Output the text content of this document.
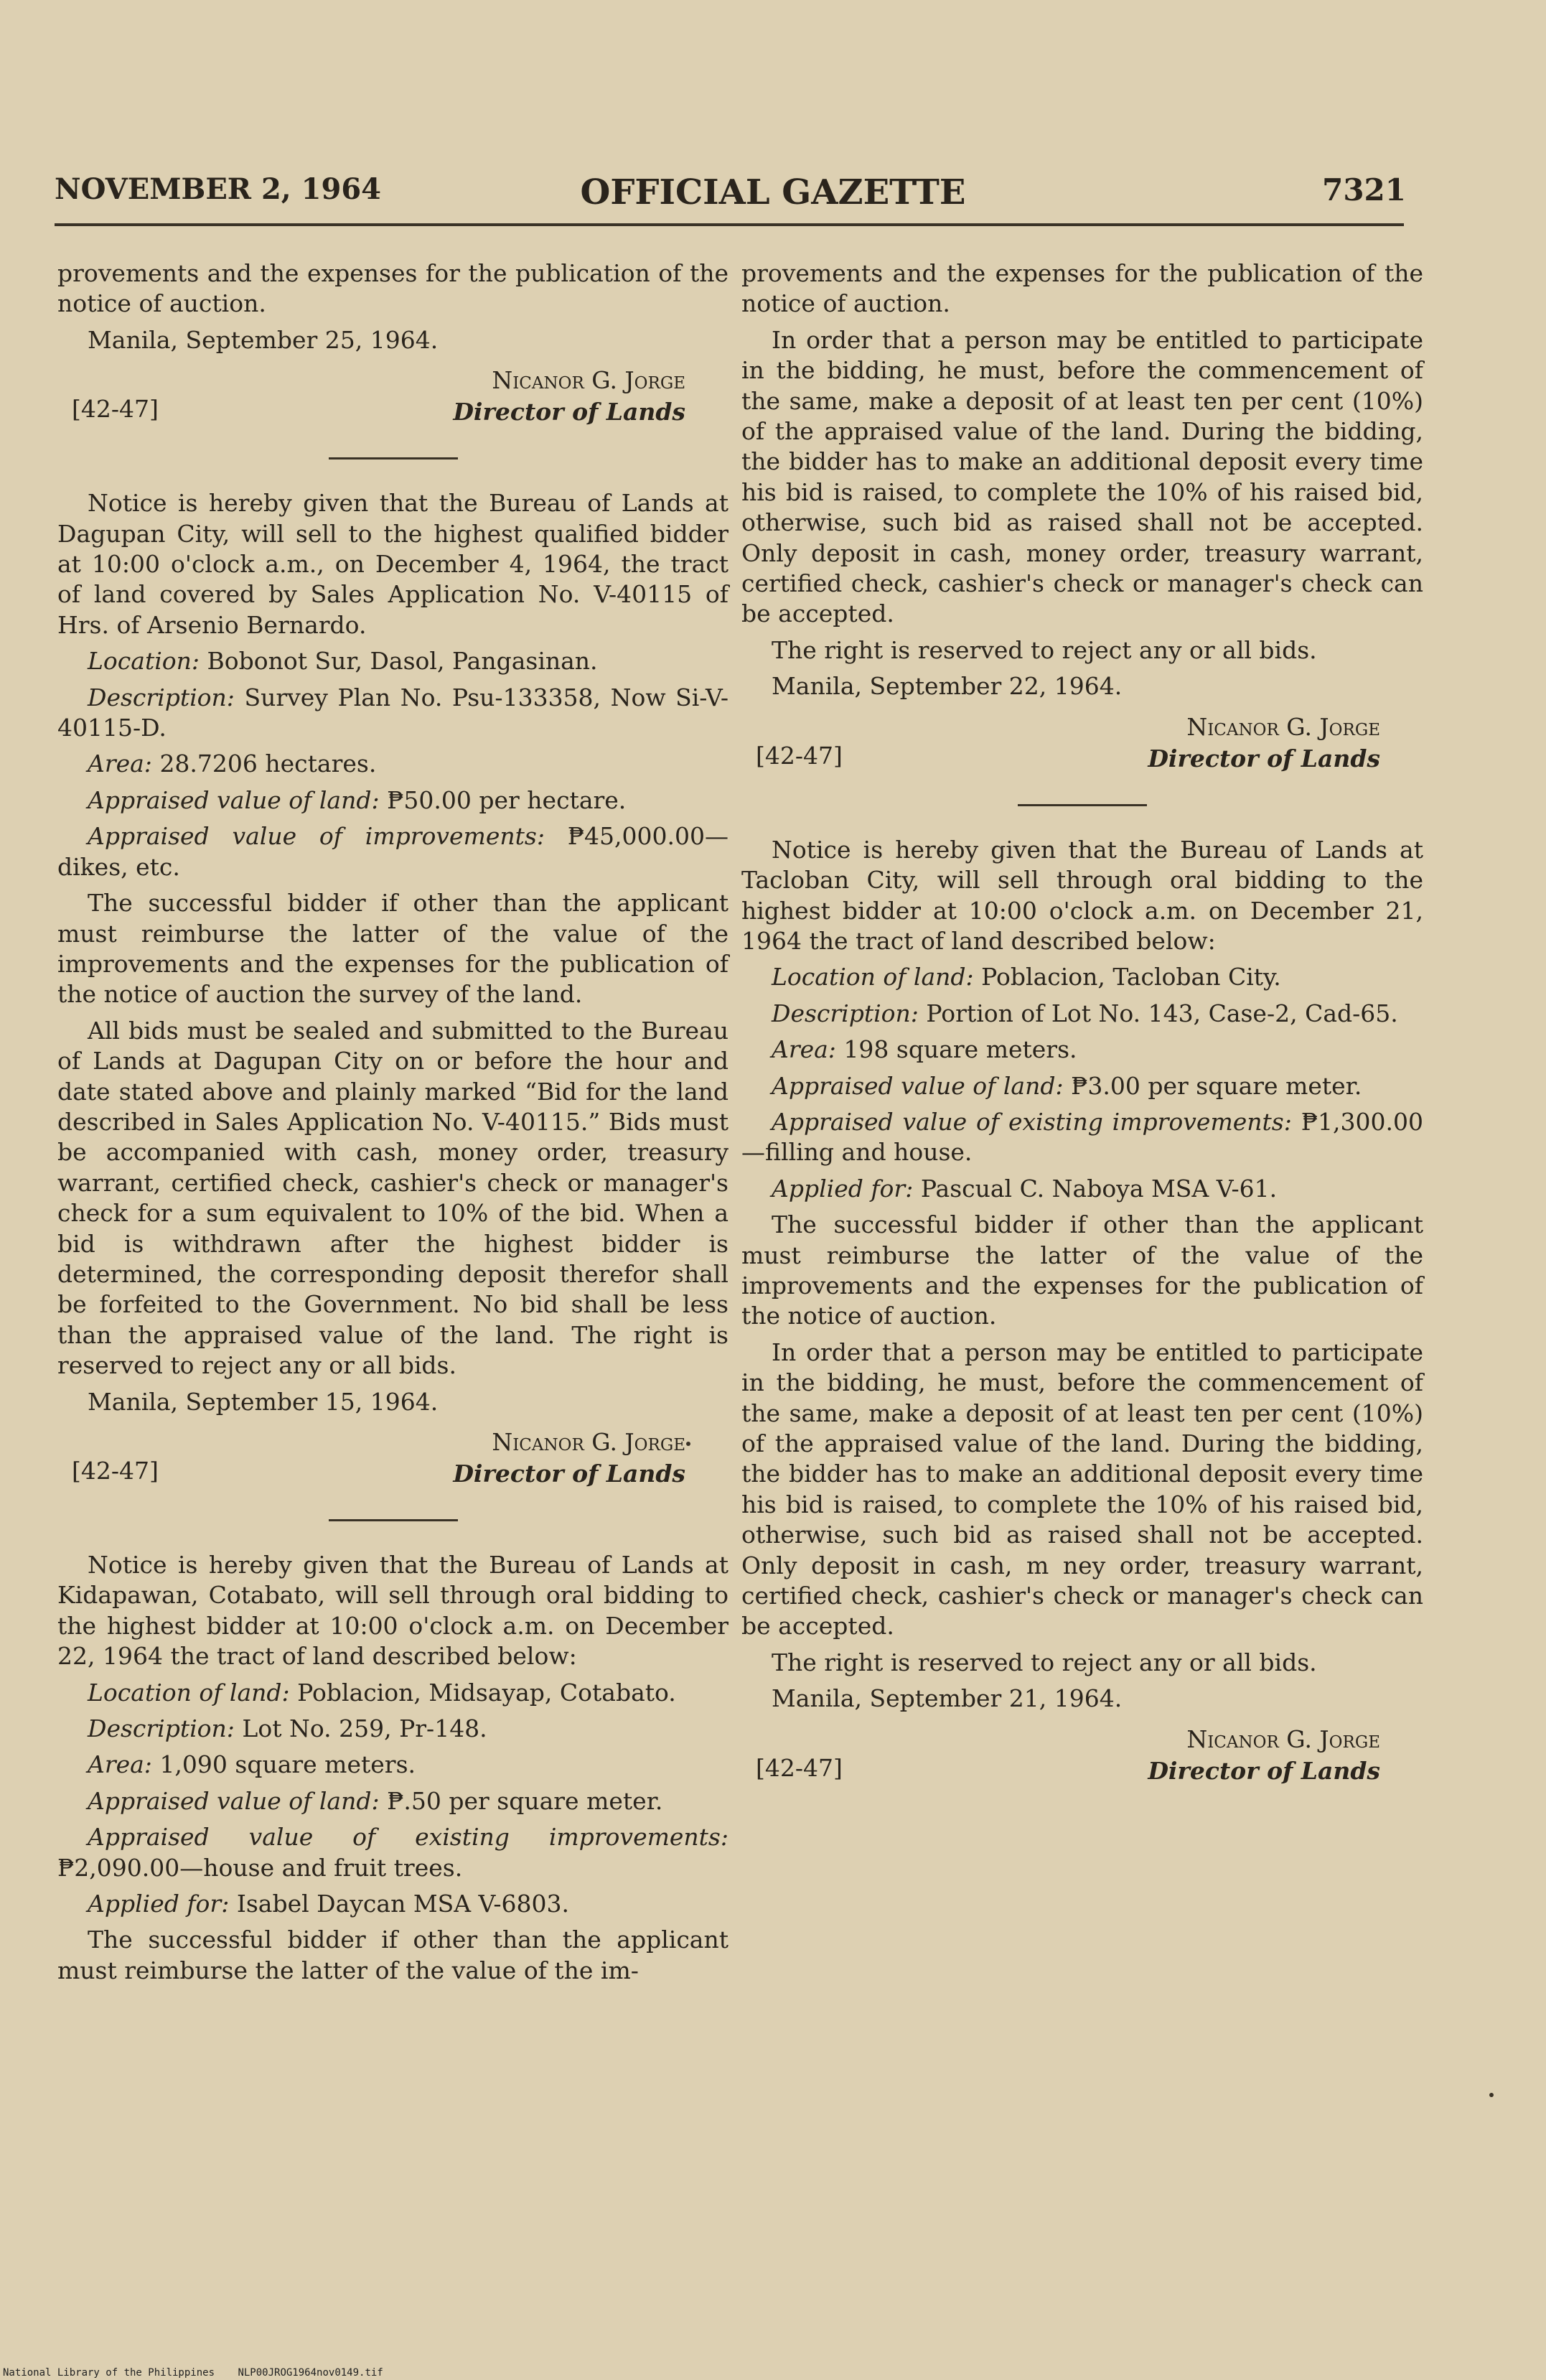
NOVEMBER 2, 1964	OFFICIAL GAZETTE	7321

provements and the expenses for the publication of the notice of auction.

Manila, September 25, 1964.

Nicanor G. Jorge
Director of Lands
[42-47]

Notice is hereby given that the Bureau of Lands at Dagupan City, will sell to the highest qualified bidder at 10:00 o'clock a.m., on December 4, 1964, the tract of land covered by Sales Application No. V-40115 of Hrs. of Arsenio Bernardo.

Location: Bobonot Sur, Dasol, Pangasinan.

Description: Survey Plan No. Psu-133358, Now Si-V-40115-D.

Area: 28.7206 hectares.

Appraised value of land: ₱50.00 per hectare.

Appraised value of improvements: ₱45,000.00—dikes, etc.

The successful bidder if other than the applicant must reimburse the latter of the value of the improvements and the expenses for the publication of the notice of auction the survey of the land.

All bids must be sealed and submitted to the Bureau of Lands at Dagupan City on or before the hour and date stated above and plainly marked “Bid for the land described in Sales Application No. V-40115.” Bids must be accompanied with cash, money order, treasury warrant, certified check, cashier's check or manager's check for a sum equivalent to 10% of the bid. When a bid is withdrawn after the highest bidder is determined, the corresponding deposit therefor shall be forfeited to the Government. No bid shall be less than the appraised value of the land. The right is reserved to reject any or all bids.

Manila, September 15, 1964.

Nicanor G. Jorge
Director of Lands
[42-47]

Notice is hereby given that the Bureau of Lands at Kidapawan, Cotabato, will sell through oral bidding to the highest bidder at 10:00 o'clock a.m. on December 22, 1964 the tract of land described below:

Location of land: Poblacion, Midsayap, Cotabato.

Description: Lot No. 259, Pr-148.

Area: 1,090 square meters.

Appraised value of land: ₱.50 per square meter.

Appraised value of existing improvements: ₱2,090.00—house and fruit trees.

Applied for: Isabel Daycan MSA V-6803.

The successful bidder if other than the applicant must reimburse the latter of the value of the im-

provements and the expenses for the publication of the notice of auction.

In order that a person may be entitled to participate in the bidding, he must, before the commencement of the same, make a deposit of at least ten per cent (10%) of the appraised value of the land. During the bidding, the bidder has to make an additional deposit every time his bid is raised, to complete the 10% of his raised bid, otherwise, such bid as raised shall not be accepted. Only deposit in cash, money order, treasury warrant, certified check, cashier's check or manager's check can be accepted.

The right is reserved to reject any or all bids.

Manila, September 22, 1964.

Nicanor G. Jorge
Director of Lands
[42-47]

Notice is hereby given that the Bureau of Lands at Tacloban City, will sell through oral bidding to the highest bidder at 10:00 o'clock a.m. on December 21, 1964 the tract of land described below:

Location of land: Poblacion, Tacloban City.

Description: Portion of Lot No. 143, Case-2, Cad-65.

Area: 198 square meters.

Appraised value of land: ₱3.00 per square meter.

Appraised value of existing improvements: ₱1,300.00—filling and house.

Applied for: Pascual C. Naboya MSA V-61.

The successful bidder if other than the applicant must reimburse the latter of the value of the improvements and the expenses for the publication of the notice of auction.

In order that a person may be entitled to participate in the bidding, he must, before the commencement of the same, make a deposit of at least ten per cent (10%) of the appraised value of the land. During the bidding, the bidder has to make an additional deposit every time his bid is raised, to complete the 10% of his raised bid, otherwise, such bid as raised shall not be accepted. Only deposit in cash, m ney order, treasury warrant, certified check, cashier's check or manager's check can be accepted.

The right is reserved to reject any or all bids.

Manila, September 21, 1964.

Nicanor G. Jorge
Director of Lands
[42-47]
National Library of the Philippines NLP00JROG1964nov0149.tif
